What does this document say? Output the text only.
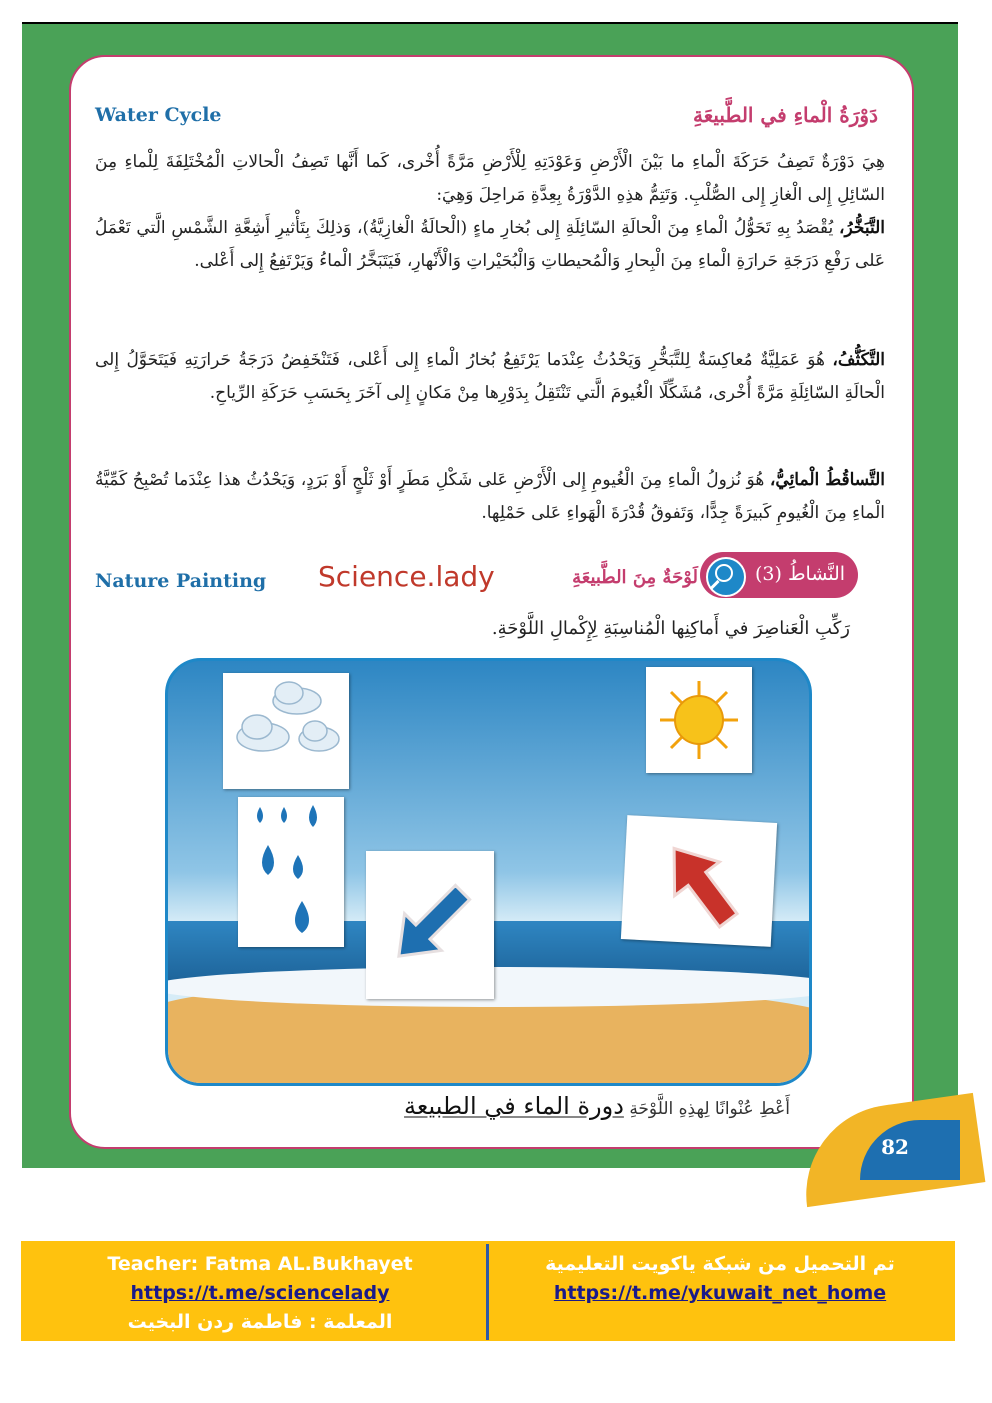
82
Water Cycle	دَوْرَةُ الْماءِ في الطَّبيعَةِ
هِيَ دَوْرَةٌ تَصِفُ حَرَكَةَ الْماءِ ما بَيْنَ الْأَرْضِ وَعَوْدَتِهِ لِلْأَرْضِ مَرَّةً أُخْرى، كَما أَنَّها تَصِفُ الْحالاتِ الْمُخْتَلِفَةَ لِلْماءِ مِنَ السّائِلِ إِلى الْغازِ إِلى الصُّلْبِ. وَتَتِمُّ هذِهِ الدَّوْرَةُ بِعِدَّةِ مَراحِلَ وَهِيَ:
التَّبَخُّرُ، يُقْصَدُ بِهِ تَحَوُّلُ الْماءِ مِنَ الْحالَةِ السّائِلَةِ إِلى بُخارِ ماءٍ (الْحالَةُ الْغازِيَّةُ)، وَذلِكَ بِتَأْثيرِ أَشِعَّةِ الشَّمْسِ الَّتي تَعْمَلُ عَلى رَفْعِ دَرَجَةِ حَرارَةِ الْماءِ مِنَ الْبِحارِ وَالْمُحيطاتِ وَالْبُحَيْراتِ وَالْأَنْهارِ، فَيَتَبَخَّرُ الْماءُ وَيَرْتَفِعُ إِلى أَعْلى.
التَّكَثُّفُ، هُوَ عَمَلِيَّةٌ مُعاكِسَةٌ لِلتَّبَخُّرِ وَيَحْدُثُ عِنْدَما يَرْتَفِعُ بُخارُ الْماءِ إِلى أَعْلى، فَتَنْخَفِضُ دَرَجَةُ حَرارَتِهِ فَيَتَحَوَّلُ إِلى الْحالَةِ السّائِلَةِ مَرَّةً أُخْرى، مُشَكِّلًا الْغُيومَ الَّتي تَنْتَقِلُ بِدَوْرِها مِنْ مَكانٍ إِلى آخَرَ بِحَسَبِ حَرَكَةِ الرِّياحِ.
التَّساقُطُ الْمائِيُّ، هُوَ نُزولُ الْماءِ مِنَ الْغُيومِ إِلى الْأَرْضِ عَلى شَكْلِ مَطَرٍ أَوْ ثَلْجٍ أَوْ بَرَدٍ، وَيَحْدُثُ هذا عِنْدَما تُصْبِحُ كَمِّيَّةُ الْماءِ مِنَ الْغُيومِ كَبيرَةً جِدًّا، وَتَفوقُ قُدْرَةَ الْهَواءِ عَلى حَمْلِها.
Nature Painting Science.lady	لَوْحَةٌ مِنَ الطَّبيعَةِ	النَّشاطُ (3)
رَكِّبِ الْعَناصِرَ في أَماكِنِها الْمُناسِبَةِ لِإِكْمالِ اللَّوْحَةِ.
أَعْطِ عُنْوانًا لِهذِهِ اللَّوْحَةِ دورة الماء في الطبيعة
Teacher: Fatma AL.Bukhayet
https://t.me/sciencelady
المعلمة : فاطمة ردن البخيت
تم التحميل من شبكة ياكويت التعليمية
https://t.me/ykuwait_net_home
